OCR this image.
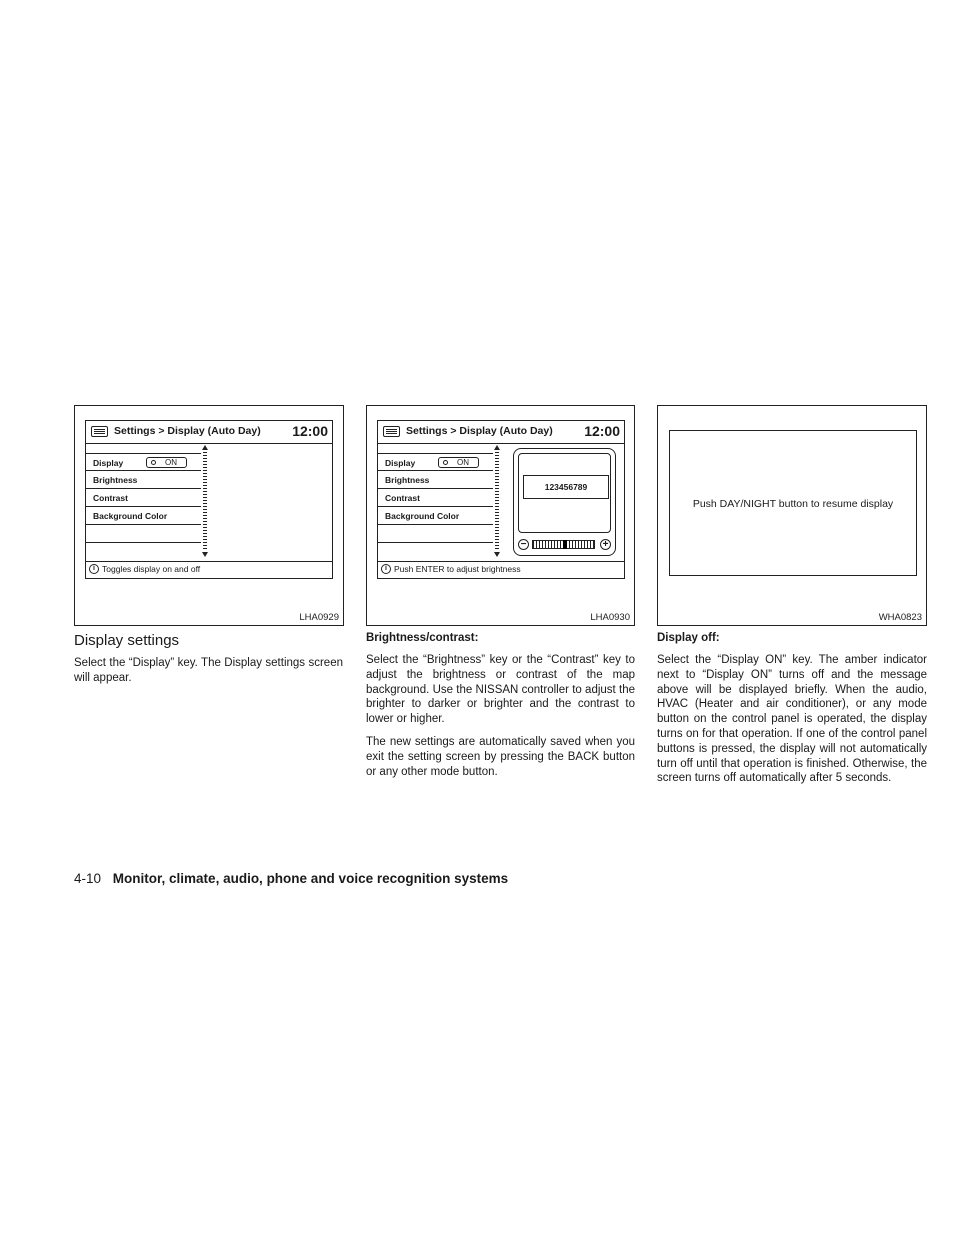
Settings > Display (Auto Day) 12:00
Display	ON
Brightness
Contrast
Background Color
i Toggles display on and off
LHA0929
Settings > Display (Auto Day) 12:00
Display	ON
Brightness
Contrast
Background Color
123456789
−	+
i Push ENTER to adjust brightness
LHA0930
Push DAY/NIGHT button to resume display
WHA0823
Display settings

Select the “Display” key. The Display settings screen will appear.

Brightness/contrast:

Select the “Brightness” key or the “Contrast” key to adjust the brightness or contrast of the map background. Use the NISSAN controller to adjust the brighter to darker or brighter and the contrast to lower or higher.

The new settings are automatically saved when you exit the setting screen by pressing the BACK button or any other mode button.

Display off:

Select the “Display ON” key. The amber indicator next to “Display ON” turns off and the message above will be displayed briefly. When the audio, HVAC (Heater and air conditioner), or any mode button on the control panel is operated, the display turns on for that operation. If one of the control panel buttons is pressed, the display will not automatically turn off until that operation is finished. Otherwise, the screen turns off automatically after 5 seconds.

4-10 Monitor, climate, audio, phone and voice recognition systems
